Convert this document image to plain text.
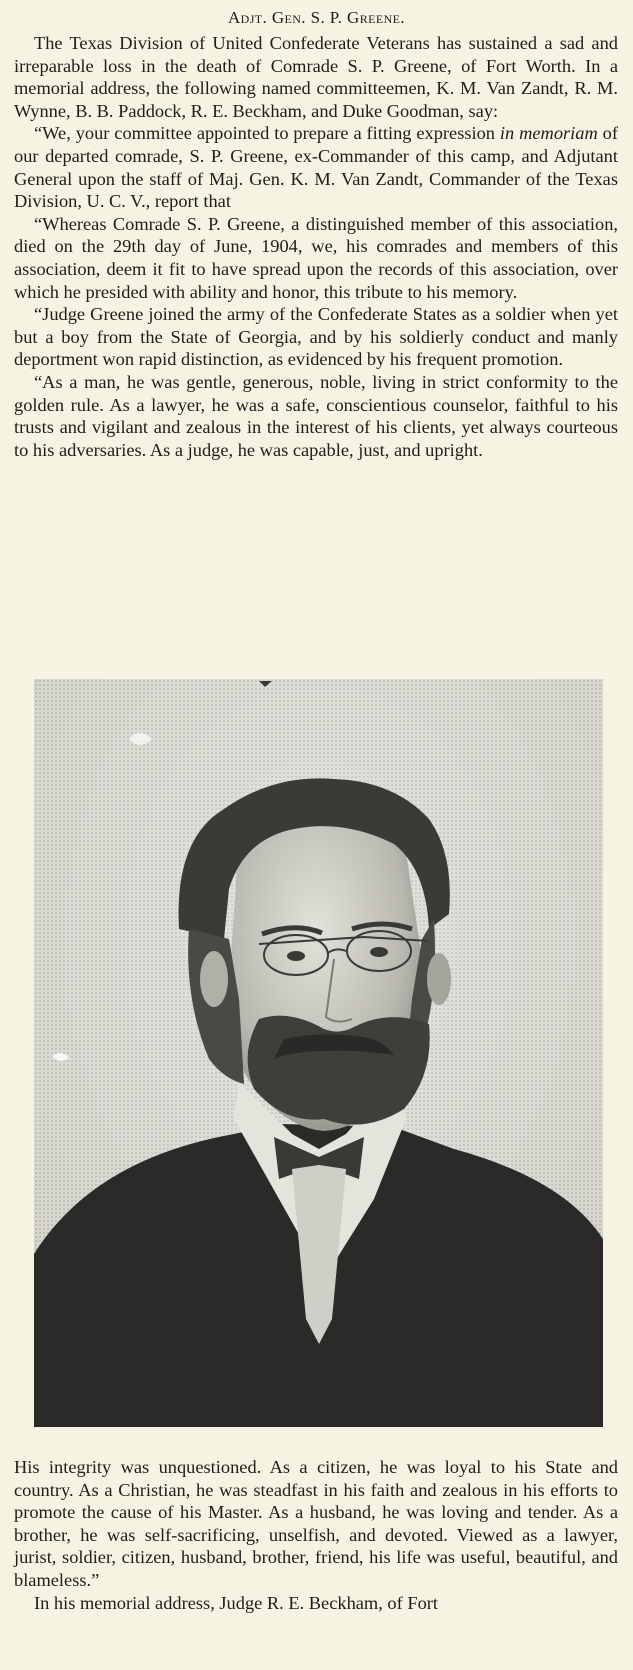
Adjt. Gen. S. P. Greene.

The Texas Division of United Confederate Veterans has sustained a sad and irreparable loss in the death of Comrade S. P. Greene, of Fort Worth. In a memorial address, the following named committeemen, K. M. Van Zandt, R. M. Wynne, B. B. Paddock, R. E. Beckham, and Duke Goodman, say:

“We, your committee appointed to prepare a fitting expression in memoriam of our departed comrade, S. P. Greene, ex-Commander of this camp, and Adjutant General upon the staff of Maj. Gen. K. M. Van Zandt, Commander of the Texas Division, U. C. V., report that

“Whereas Comrade S. P. Greene, a distinguished member of this association, died on the 29th day of June, 1904, we, his comrades and members of this association, deem it fit to have spread upon the records of this association, over which he presided with ability and honor, this tribute to his memory.

“Judge Greene joined the army of the Confederate States as a soldier when yet but a boy from the State of Georgia, and by his soldierly conduct and manly deportment won rapid distinction, as evidenced by his frequent promotion.

“As a man, he was gentle, generous, noble, living in strict conformity to the golden rule. As a lawyer, he was a safe, conscientious counselor, faithful to his trusts and vigilant and zealous in the interest of his clients, yet always courteous to his adversaries. As a judge, he was capable, just, and upright.

His integrity was unquestioned. As a citizen, he was loyal to his State and country. As a Christian, he was steadfast in his faith and zealous in his efforts to promote the cause of his Master. As a husband, he was loving and tender. As a brother, he was self-sacrificing, unselfish, and devoted. Viewed as a lawyer, jurist, soldier, citizen, husband, brother, friend, his life was useful, beautiful, and blameless.”

In his memorial address, Judge R. E. Beckham, of Fort
